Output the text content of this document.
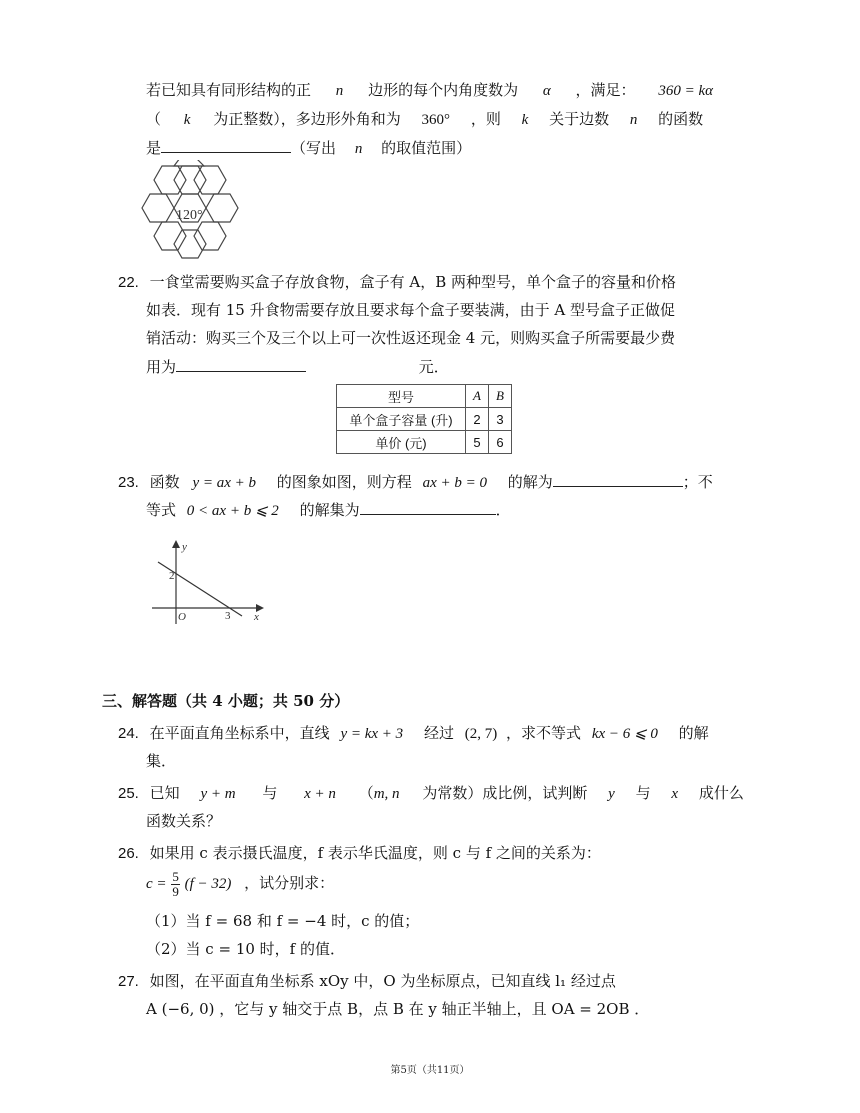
若已知具有同形结构的正 n 边形的每个内角度数为 α ，满足： 360 = kα
（ k 为正整数），多边形外角和为 360° ，则 k 关于边数 n 的函数
是	（写出 n 的取值范围）
120°
22. 一食堂需要购买盒子存放食物，盒子有 A，B 两种型号，单个盒子的容量和价格
如表．现有 15 升食物需要存放且要求每个盒子要装满，由于 A 型号盒子正做促
销活动：购买三个及三个以上可一次性返还现金 4 元，则购买盒子所需要最少费
用为	元．
型号	A	B
单个盒子容量 (升)	2	3
单价 (元)	5	6
23. 函数 y = ax + b 的图象如图，则方程 ax + b = 0 的解为	；不
等式 0 < ax + b ⩽ 2 的解集为	．
y
x
O
2
3
三、解答题（共 4 小题；共 50 分）
24. 在平面直角坐标系中，直线 y = kx + 3 经过 (2, 7) ，求不等式 kx − 6 ⩽ 0 的解
集．
25. 已知 y + m 与 x + n （m, n 为常数）成比例，试判断 y 与 x 成什么
函数关系？
26. 如果用 c 表示摄氏温度，f 表示华氏温度，则 c 与 f 之间的关系为：
$c = \frac{5}{9} (f - 32)$ ，试分别求：
（1）当 f = 68 和 f = −4 时，c 的值；
（2）当 c = 10 时，f 的值．
27. 如图，在平面直角坐标系 xOy 中，O 为坐标原点，已知直线 l₁ 经过点
A (−6, 0) ，它与 y 轴交于点 B，点 B 在 y 轴正半轴上，且 OA = 2OB ．
第5页（共11页）
